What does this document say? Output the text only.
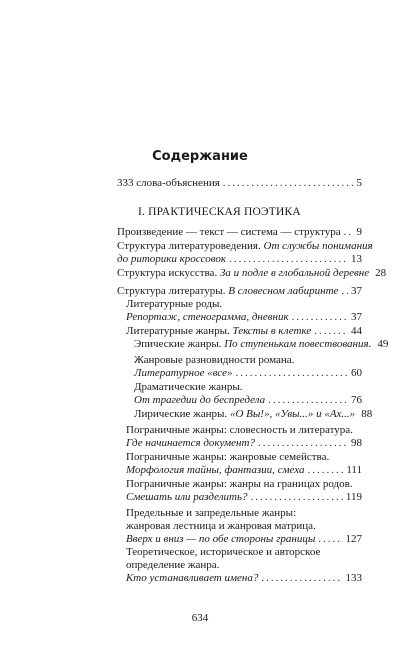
Содержание
333 слова-объяснения .....	5
I. ПРАКТИЧЕСКАЯ ПОЭТИКА
Произведение — текст — система — структура ..... 9
Структура литературоведения.
От службы понимания
до риторики кроссовок .....	13
Структура искусства.
За и подле в глобальной деревне 28
Структура литературы.
В словесном лабиринте ..... 37
Литературные роды.
Репортаж, стенограмма, дневник .....	37
Литературные жанры.
Тексты в клетке .....	44
Эпические жанры.
По ступенькам повествования. 49
Жанровые разновидности романа.
Литературное «все» .....	60
Драматические жанры.
От трагедии до беспредела .....	76
Лирические жанры.
«О Вы!», «Увы...» и «Ах...» 88
Пограничные жанры: словесность и литература.
Где начинается документ? .....	98
Пограничные жанры: жанровые семейства.
Морфология тайны, фантазии, смеха .....	111
Пограничные жанры: жанры на границах родов.
Смешать или разделить? .....	119
Предельные и запредельные жанры:
жанровая лестница и жанровая матрица.
Вверх и вниз — по обе стороны границы .....	127
Теоретическое, историческое и авторское
определение жанра.
Кто устанавливает имена? .....	133
634
